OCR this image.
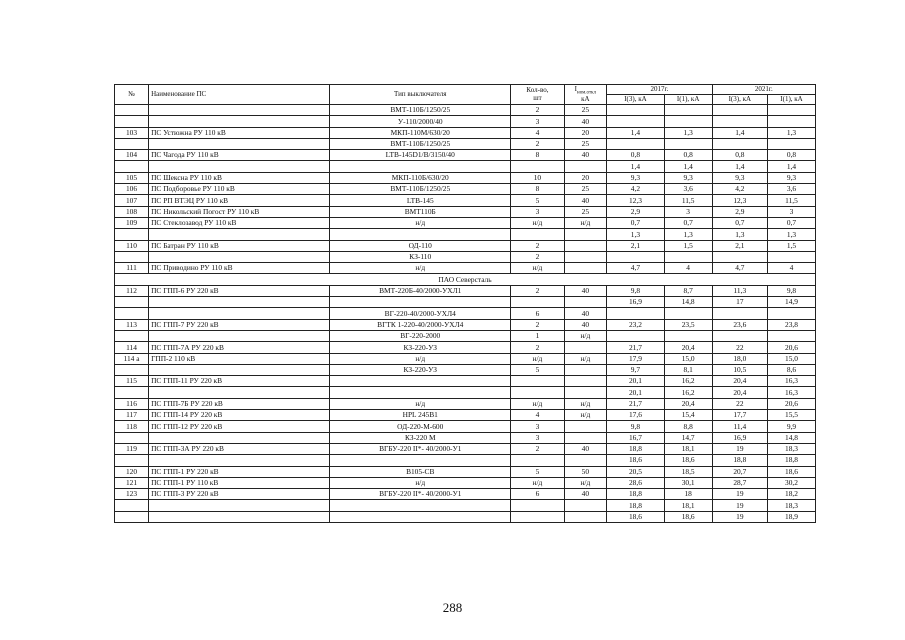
№	Наименование ПС	Тип выключателя	Кол-во,
шт	$I_{ном.откл}$
кА	2017г.		2021г.	
					I(3), кА	I(1), кА	I(3), кА	I(1), кА
		ВМТ-110Б/1250/25	2	25				
		У-110/2000/40	3	40				
103	ПС Устюжна РУ 110 кВ	МКП-110М/630/20	4	20	1,4	1,3	1,4	1,3
		ВМТ-110Б/1250/25	2	25				
104	ПС Чагода РУ 110 кВ	LTB-145D1/B/3150/40	8	40	0,8	0,8	0,8	0,8
					1,4	1,4	1,4	1,4
105	ПС Шексна РУ 110 кВ	МКП-110Б/630/20	10	20	9,3	9,3	9,3	9,3
106	ПС Подборовье РУ 110 кВ	ВМТ-110Б/1250/25	8	25	4,2	3,6	4,2	3,6
107	ПС РП ВТЭЦ РУ 110 кВ	LTB-145	5	40	12,3	11,5	12,3	11,5
108	ПС Никольский Погост РУ 110 кВ	ВМТ110Б	3	25	2,9	3	2,9	3
109	ПС Стеклозавод РУ 110 кВ	н/д	н/д	н/д	0,7	0,7	0,7	0,7
					1,3	1,3	1,3	1,3
110	ПС Батран РУ 110 кВ	ОД-110	2		2,1	1,5	2,1	1,5
		КЗ-110	2					
111	ПС Приводино РУ 110 кВ	н/д	н/д		4,7	4	4,7	4
ПАО Северсталь								
112	ПС ГПП-6 РУ 220 кВ	ВМТ-220Б-40/2000-УХЛ1	2	40	9,8	8,7	11,3	9,8
					16,9	14,8	17	14,9
		ВГ-220-40/2000-УХЛ4	6	40				
113	ПС ГПП-7 РУ 220 кВ	ВГТК 1-220-40/2000-УХЛ4	2	40	23,2	23,5	23,6	23,8
		ВГ-220-2000	1	н/д				
114	ПС ГПП-7А РУ 220 кВ	КЗ-220-УЗ	2		21,7	20,4	22	20,6
114 а	ГПП-2 110 кВ	н/д	н/д	н/д	17,9	15,0	18,0	15,0
		КЗ-220-УЗ	5		9,7	8,1	10,5	8,6
115	ПС ГПП-11 РУ 220 кВ				20,1	16,2	20,4	16,3
					20,1	16,2	20,4	16,3
116	ПС ГПП-7Б РУ 220 кВ	н/д	н/д	н/д	21,7	20,4	22	20,6
117	ПС ГПП-14 РУ 220 кВ	HPL 245B1	4	н/д	17,6	15,4	17,7	15,5
118	ПС ГПП-12 РУ 220 кВ	ОД-220-М-600	3		9,8	8,8	11,4	9,9
		КЗ-220 М	3		16,7	14,7	16,9	14,8
119	ПС ГПП-3А РУ 220 кВ	ВГБУ-220 II*- 40/2000-У1	2	40	18,8	18,1	19	18,3
					18,6	18,6	18,8	18,8
120	ПС ГПП-1 РУ 220 кВ	В105-СВ	5	50	20,5	18,5	20,7	18,6
121	ПС ГПП-1 РУ 110 кВ	н/д	н/д	н/д	28,6	30,1	28,7	30,2
123	ПС ГПП-3 РУ 220 кВ	ВГБУ-220 II*- 40/2000-У1	6	40	18,8	18	19	18,2
					18,8	18,1	19	18,3
					18,6	18,6	19	18,9
288
